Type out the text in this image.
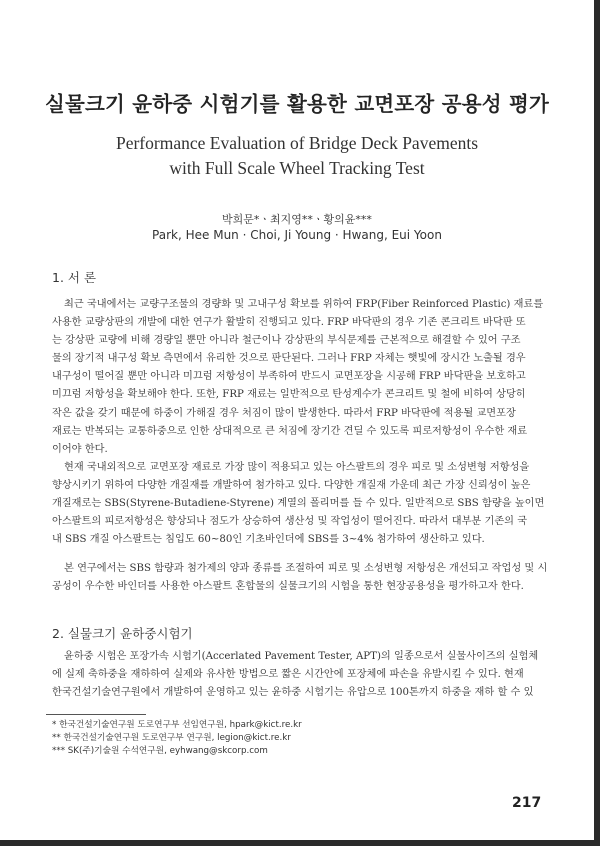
실물크기 윤하중 시험기를 활용한 교면포장 공용성 평가
Performance Evaluation of Bridge Deck Pavements
with Full Scale Wheel Tracking Test
박희문*ㆍ최지영**ㆍ황의윤***
Park, Hee Mun · Choi, Ji Young · Hwang, Eui Yoon
1. 서 론
최근 국내에서는 교량구조물의 경량화 및 고내구성 확보를 위하여 FRP(Fiber Reinforced Plastic) 재료를
사용한 교량상판의 개발에 대한 연구가 활발히 진행되고 있다. FRP 바닥판의 경우 기존 콘크리트 바닥판 또
는 강상판 교량에 비해 경량일 뿐만 아니라 철근이나 강상판의 부식문제를 근본적으로 해결할 수 있어 구조
물의 장기적 내구성 확보 측면에서 유리한 것으로 판단된다. 그러나 FRP 자체는 햇빛에 장시간 노출될 경우
내구성이 떨어질 뿐만 아니라 미끄럼 저항성이 부족하여 반드시 교면포장을 시공해 FRP 바닥판을 보호하고
미끄럼 저항성을 확보해야 한다. 또한, FRP 재료는 일반적으로 탄성계수가 콘크리트 및 철에 비하여 상당히
작은 값을 갖기 때문에 하중이 가해질 경우 처짐이 많이 발생한다. 따라서 FRP 바닥판에 적용될 교면포장
재료는 반복되는 교통하중으로 인한 상대적으로 큰 처짐에 장기간 견딜 수 있도록 피로저항성이 우수한 재료
이어야 한다.
현재 국내외적으로 교면포장 재료로 가장 많이 적용되고 있는 아스팔트의 경우 피로 및 소성변형 저항성을
향상시키기 위하여 다양한 개질재를 개발하여 첨가하고 있다. 다양한 개질재 가운데 최근 가장 신뢰성이 높은
개질재로는 SBS(Styrene-Butadiene-Styrene) 계열의 폴리머를 들 수 있다. 일반적으로 SBS 함량을 높이면
아스팔트의 피로저항성은 향상되나 점도가 상승하여 생산성 및 작업성이 떨어진다. 따라서 대부분 기존의 국
내 SBS 개질 아스팔트는 침입도 60~80인 기초바인더에 SBS를 3~4% 첨가하여 생산하고 있다.
본 연구에서는 SBS 함량과 첨가제의 양과 종류를 조절하여 피로 및 소성변형 저항성은 개선되고 작업성 및 시
공성이 우수한 바인더를 사용한 아스팔트 혼합물의 실물크기의 시험을 통한 현장공용성을 평가하고자 한다.
2. 실물크기 윤하중시험기
윤하중 시험은 포장가속 시험기(Accerlated Pavement Tester, APT)의 일종으로서 실물사이즈의 실험체
에 실제 축하중을 재하하여 실제와 유사한 방법으로 짧은 시간안에 포장체에 파손을 유발시킬 수 있다. 현재
한국건설기술연구원에서 개발하여 운영하고 있는 윤하중 시험기는 유압으로 100톤까지 하중을 재하 할 수 있
* 한국건설기술연구원 도로연구부 선임연구원, hpark@kict.re.kr
** 한국건설기술연구원 도로연구부 연구원, legion@kict.re.kr
*** SK(주)기술원 수석연구원, eyhwang@skcorp.com
217
